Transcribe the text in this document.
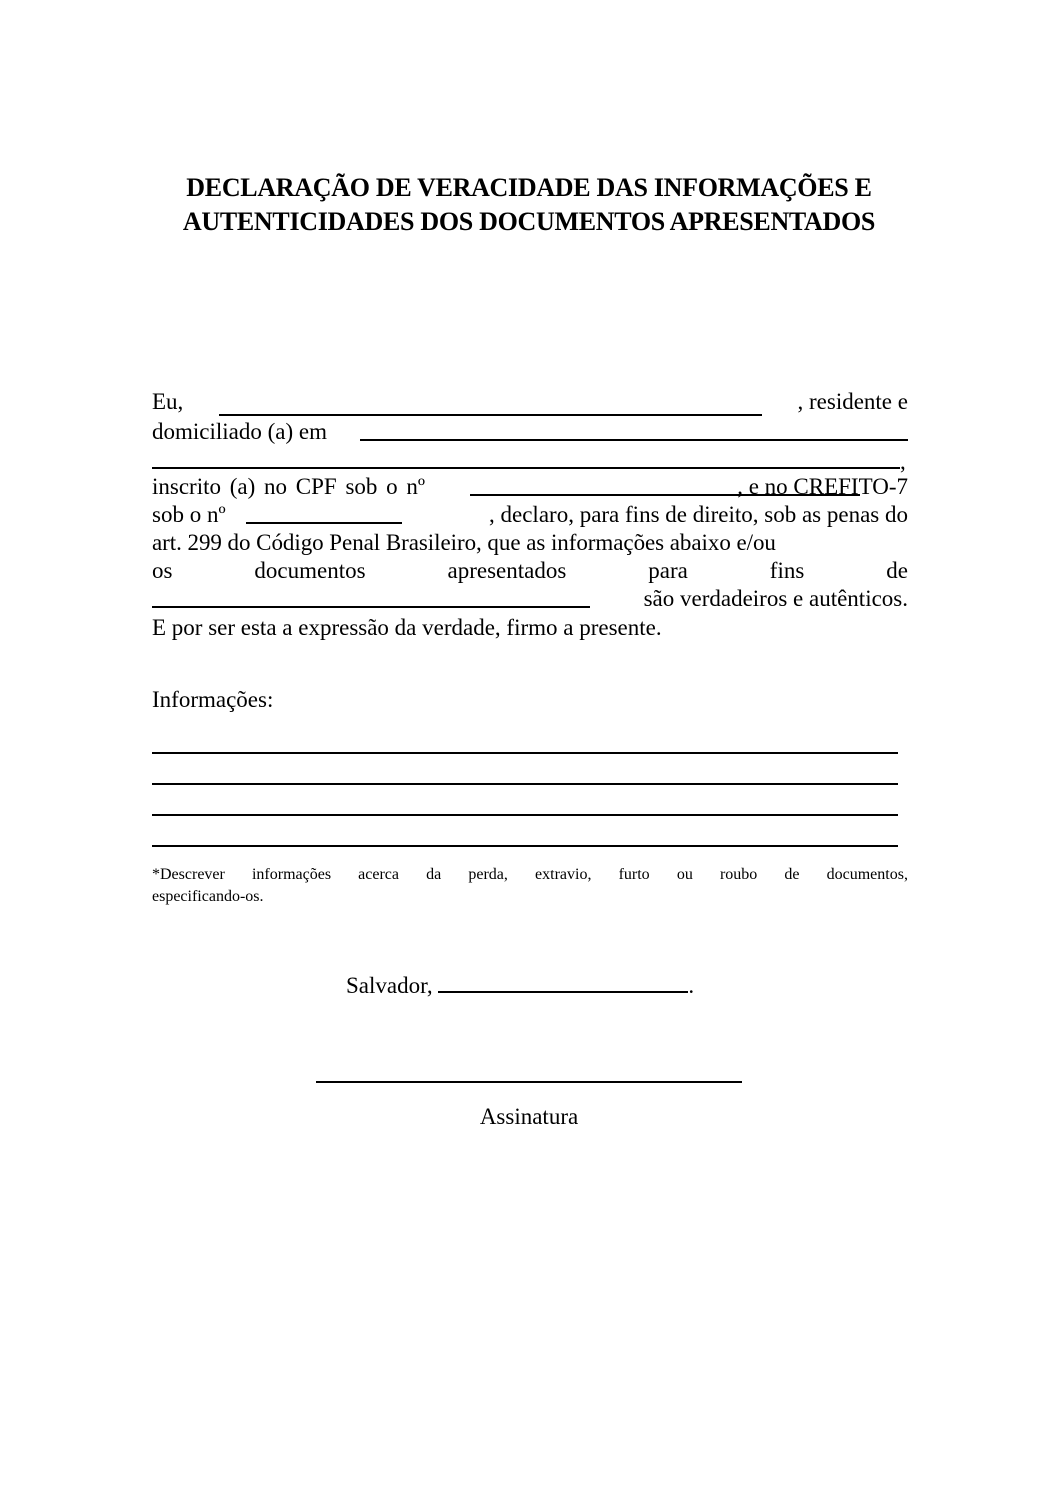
DECLARAÇÃO DE VERACIDADE DAS INFORMAÇÕES E
AUTENTICIDADES DOS DOCUMENTOS APRESENTADOS
Eu,	, residente e
domiciliado (a) em
,
inscrito (a) no CPF sob o nº	, e no CREFITO-7
sob o nº	, declaro, para fins de direito, sob as penas do
art. 299 do Código Penal Brasileiro, que as informações abaixo e/ou
os	documentos	apresentados	para	fins	de
são verdadeiros e autênticos.
E por ser esta a expressão da verdade, firmo a presente.
Informações:
*Descrever informações acerca da perda, extravio, furto ou roubo de documentos,
especificando-os.
Salvador,	.
Assinatura
